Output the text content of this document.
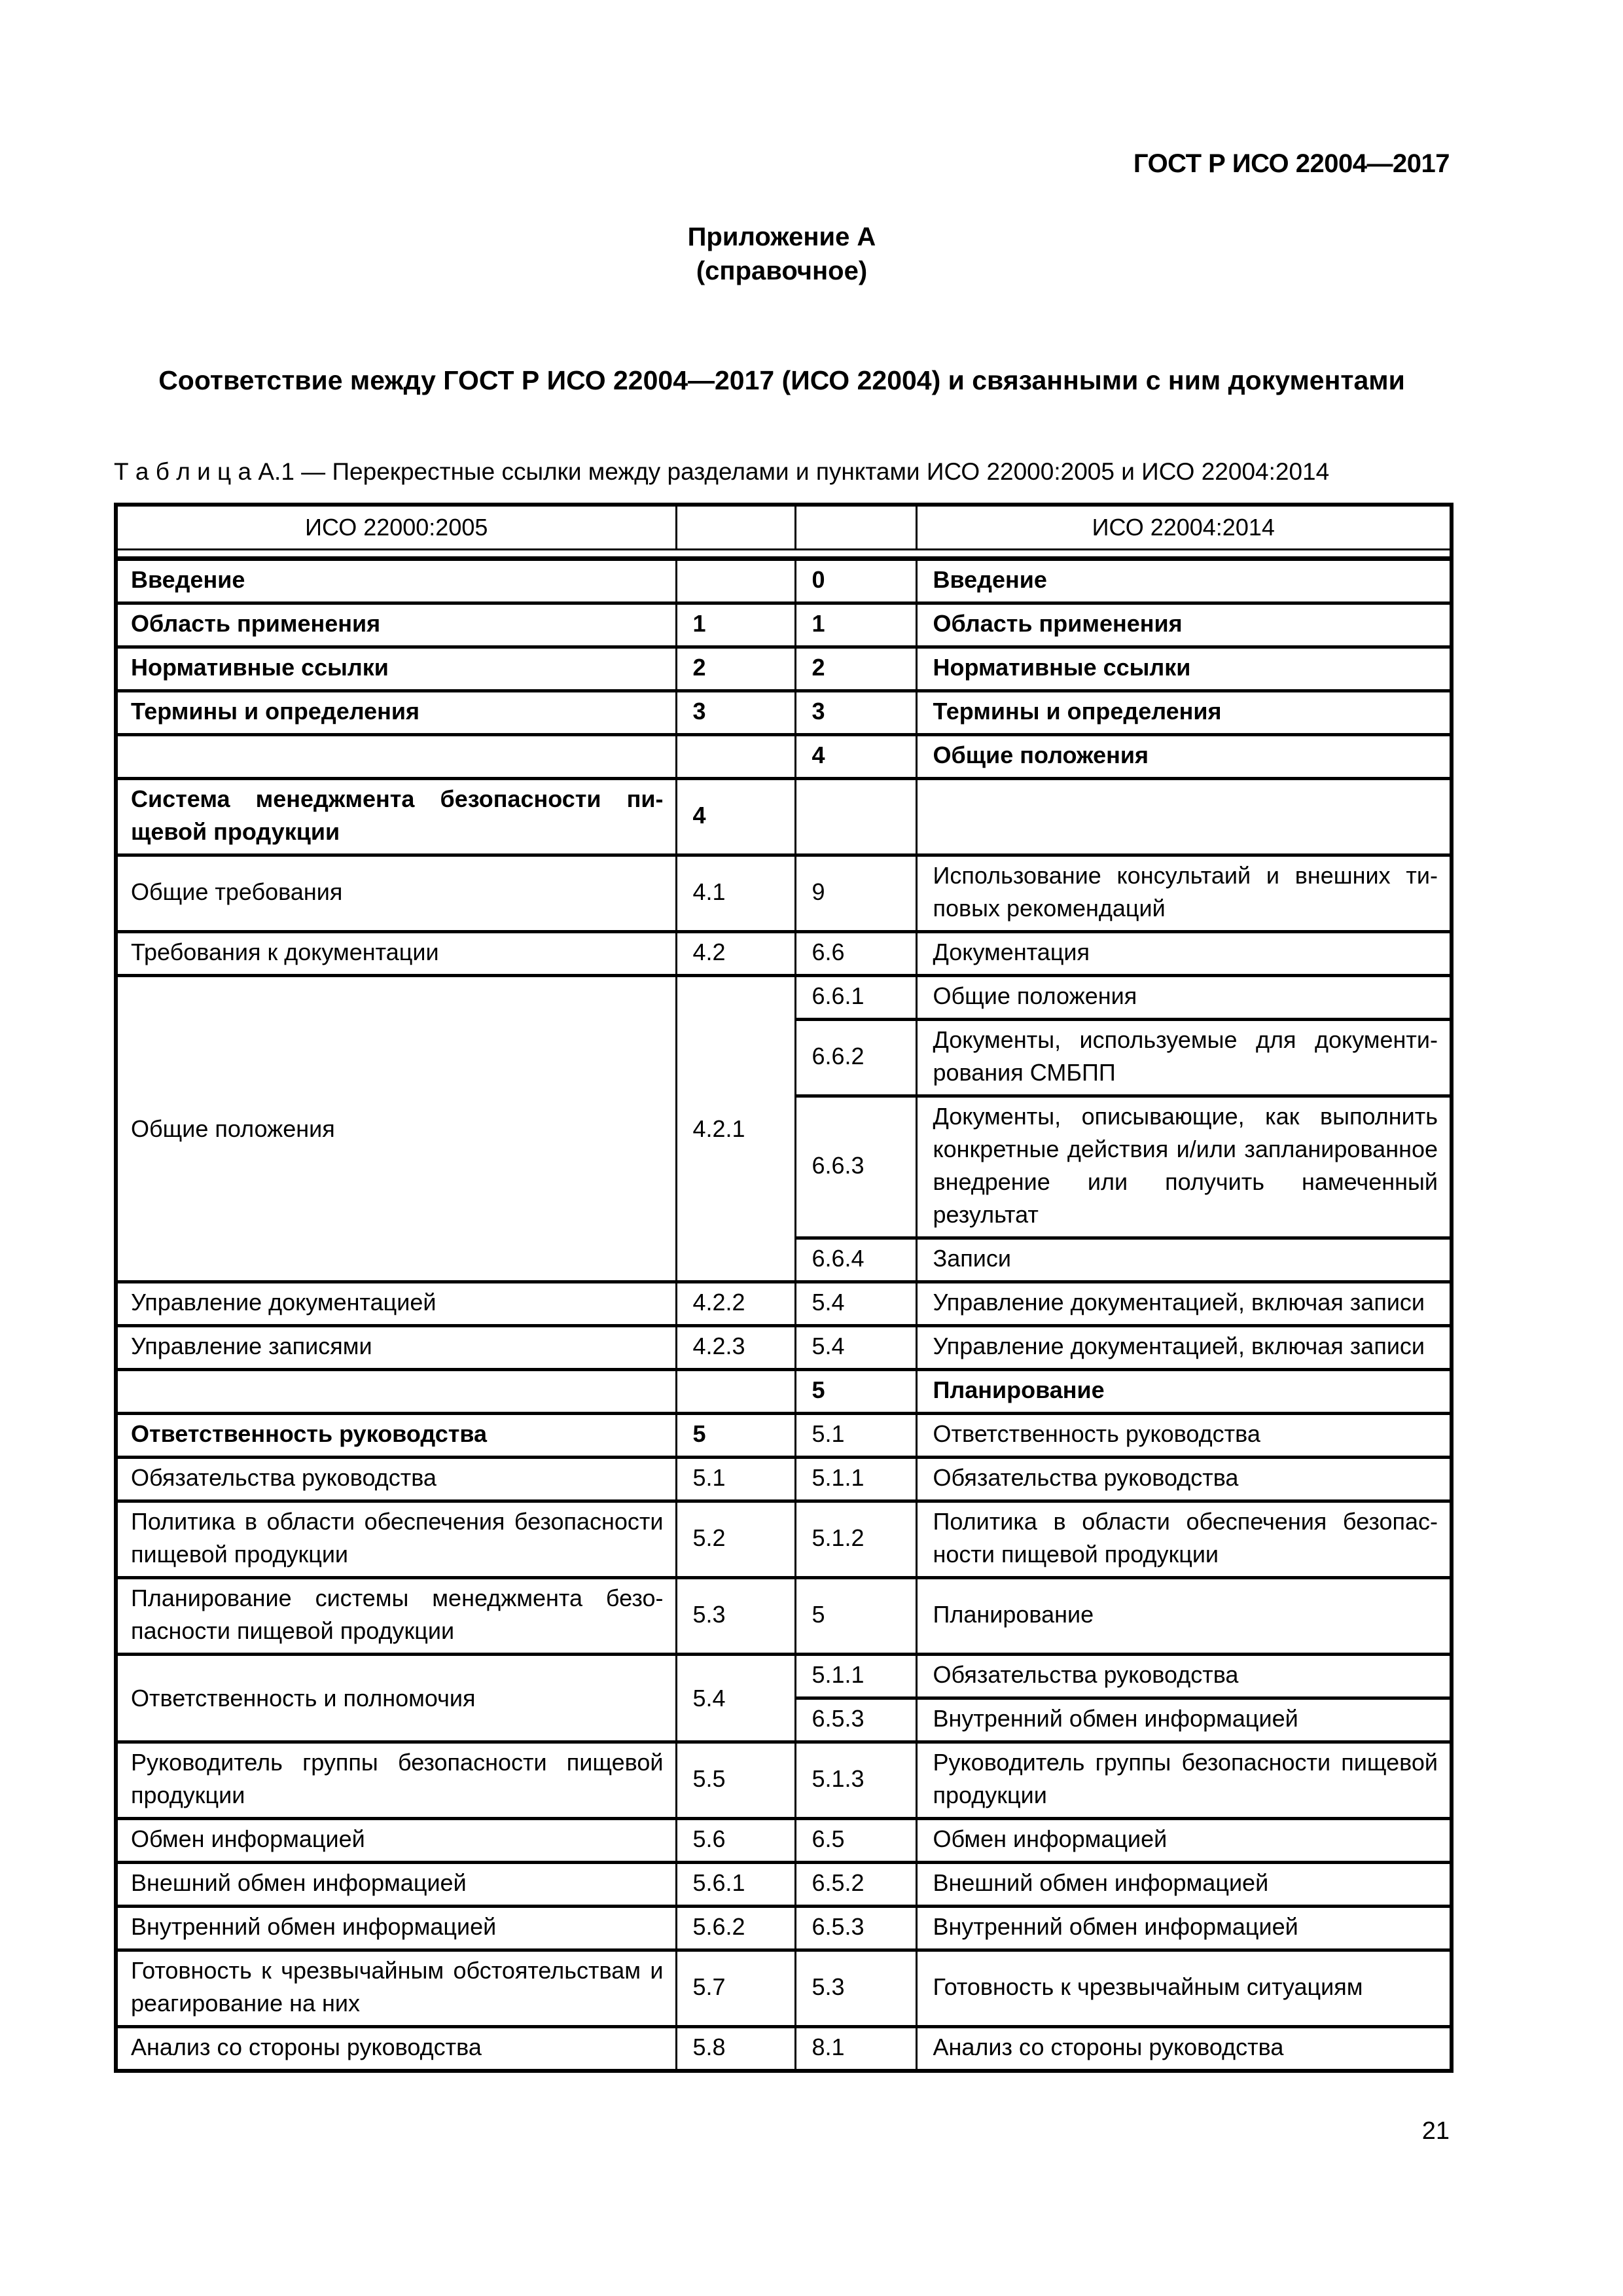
ГОСТ Р ИСО 22004—2017
Приложение А
(справочное)
Соответствие между ГОСТ Р ИСО 22004—2017 (ИСО 22004) и связанными с ним документами
Т а б л и ц а А.1 — Перекрестные ссылки между разделами и пунктами ИСО 22000:2005 и ИСО 22004:2014
ИСО 22000:2005			ИСО 22004:2014

Введение		0	Введение
Область применения	1	1	Область применения
Нормативные ссылки	2	2	Нормативные ссылки
Термины и определения	3	3	Термины и определения
		4	Общие положения
Система менеджмента безопасности пищевой продукции	4		
Общие требования	4.1	9	Использование консультаий и внешних типовых рекомендаций
Требования к документации	4.2	6.6	Документация
Общие положения	4.2.1	6.6.1	Общие положения
		6.6.2	Документы, используемые для документирования СМБПП
		6.6.3	Документы, описывающие, как выполнить конкретные действия и/или запланированное внедрение или получить намеченный результат
		6.6.4	Записи
Управление документацией	4.2.2	5.4	Управление документацией, включая записи
Управление записями	4.2.3	5.4	Управление документацией, включая записи
		5	Планирование
Ответственность руководства	5	5.1	Ответственность руководства
Обязательства руководства	5.1	5.1.1	Обязательства руководства
Политика в области обеспечения безопасности пищевой продукции	5.2	5.1.2	Политика в области обеспечения безопасности пищевой продукции
Планирование системы менеджмента безопасности пищевой продукции	5.3	5	Планирование
Ответственность и полномочия	5.4	5.1.1	Обязательства руководства
		6.5.3	Внутренний обмен информацией
Руководитель группы безопасности пищевой продукции	5.5	5.1.3	Руководитель группы безопасности пищевой продукции
Обмен информацией	5.6	6.5	Обмен информацией
Внешний обмен информацией	5.6.1	6.5.2	Внешний обмен информацией
Внутренний обмен информацией	5.6.2	6.5.3	Внутренний обмен информацией
Готовность к чрезвычайным обстоятельствам и реагирование на них	5.7	5.3	Готовность к чрезвычайным ситуациям
Анализ со стороны руководства	5.8	8.1	Анализ со стороны руководства
21
